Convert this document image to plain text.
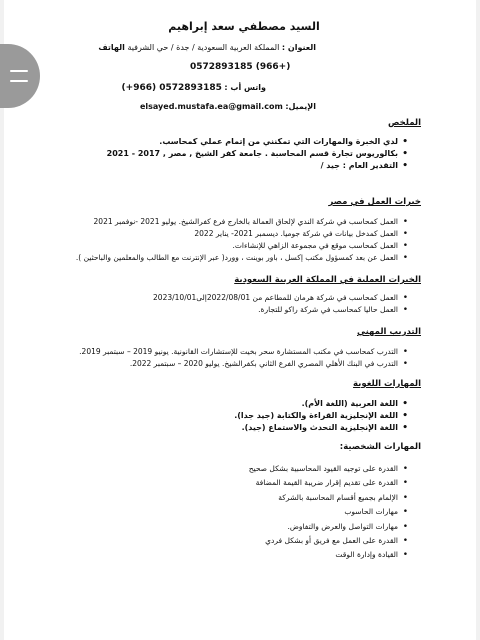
السيد مصطفي سعد إبراهيم
العنوان : المملكة العربية السعودية / جدة / حي الشرفية الهاتف
0572893185 (966+)
واتس أب : 0572893185 (966+)
الإيميل: elsayed.mustafa.ea@gmail.com
الملخص
لدي الخبرة والمهارات التي تمكنني من إتمام عملي كمحاسب. •
بكالوريوس تجارة قسم المحاسبة . جامعة كفر الشيخ , مصر , 2017 - 2021 •
التقدير العام : جيد / •
خبرات العمل في مصر
العمل كمحاسب في شركة الندي لإلحاق العمالة بالخارج فرع كفرالشيخ. يوليو 2021 -نوفمبر 2021 •
العمل كمدخل بيانات في شركة جوميا. ديسمبر 2021- يناير 2022 •
العمل كمحاسب موقع في مجموعة الزاهي للإنشاءات. •
العمل عن بعد كمسؤول مكتب إكسل ، باور بوينت ، وورد( عبر الإنترنت مع الطالب والمعلمين والباحثين ). •
الخبرات العملية في المملكة العربية السعودية
العمل كمحاسب في شركة هرمان للمطاعم من 2022/08/01إلى2023/10/01 •
العمل حاليا كمحاسب في شركة راكو للتجارة. •
التدريب المهني
التدرب كمحاسب في مكتب المستشارة سحر بخيت للإستشارات القانونية. يونيو 2019 – سبتمبر 2019. •
التدرب في البنك الأهلي المصري الفرع الثاني بكفرالشيخ. يوليو 2020 – سبتمبر 2022. •
المهارات اللغوية
اللغة العربية (اللغة الأم). •
اللغة الإنجليزية القراءة والكتابة (جيد جدا). •
اللغة الإنجليزية التحدث والاستماع (جيد). •
المهارات الشخصية:
القدرة على توجيه القيود المحاسبية بشكل صحيح •
القدرة على تقديم إقرار ضريبة القيمة المضافة •
الإلمام بجميع أقسام المحاسبة بالشركة •
مهارات الحاسوب •
مهارات التواصل والعرض والتفاوض. •
القدرة على العمل مع فريق أو بشكل فردي •
القيادة وإدارة الوقت •
